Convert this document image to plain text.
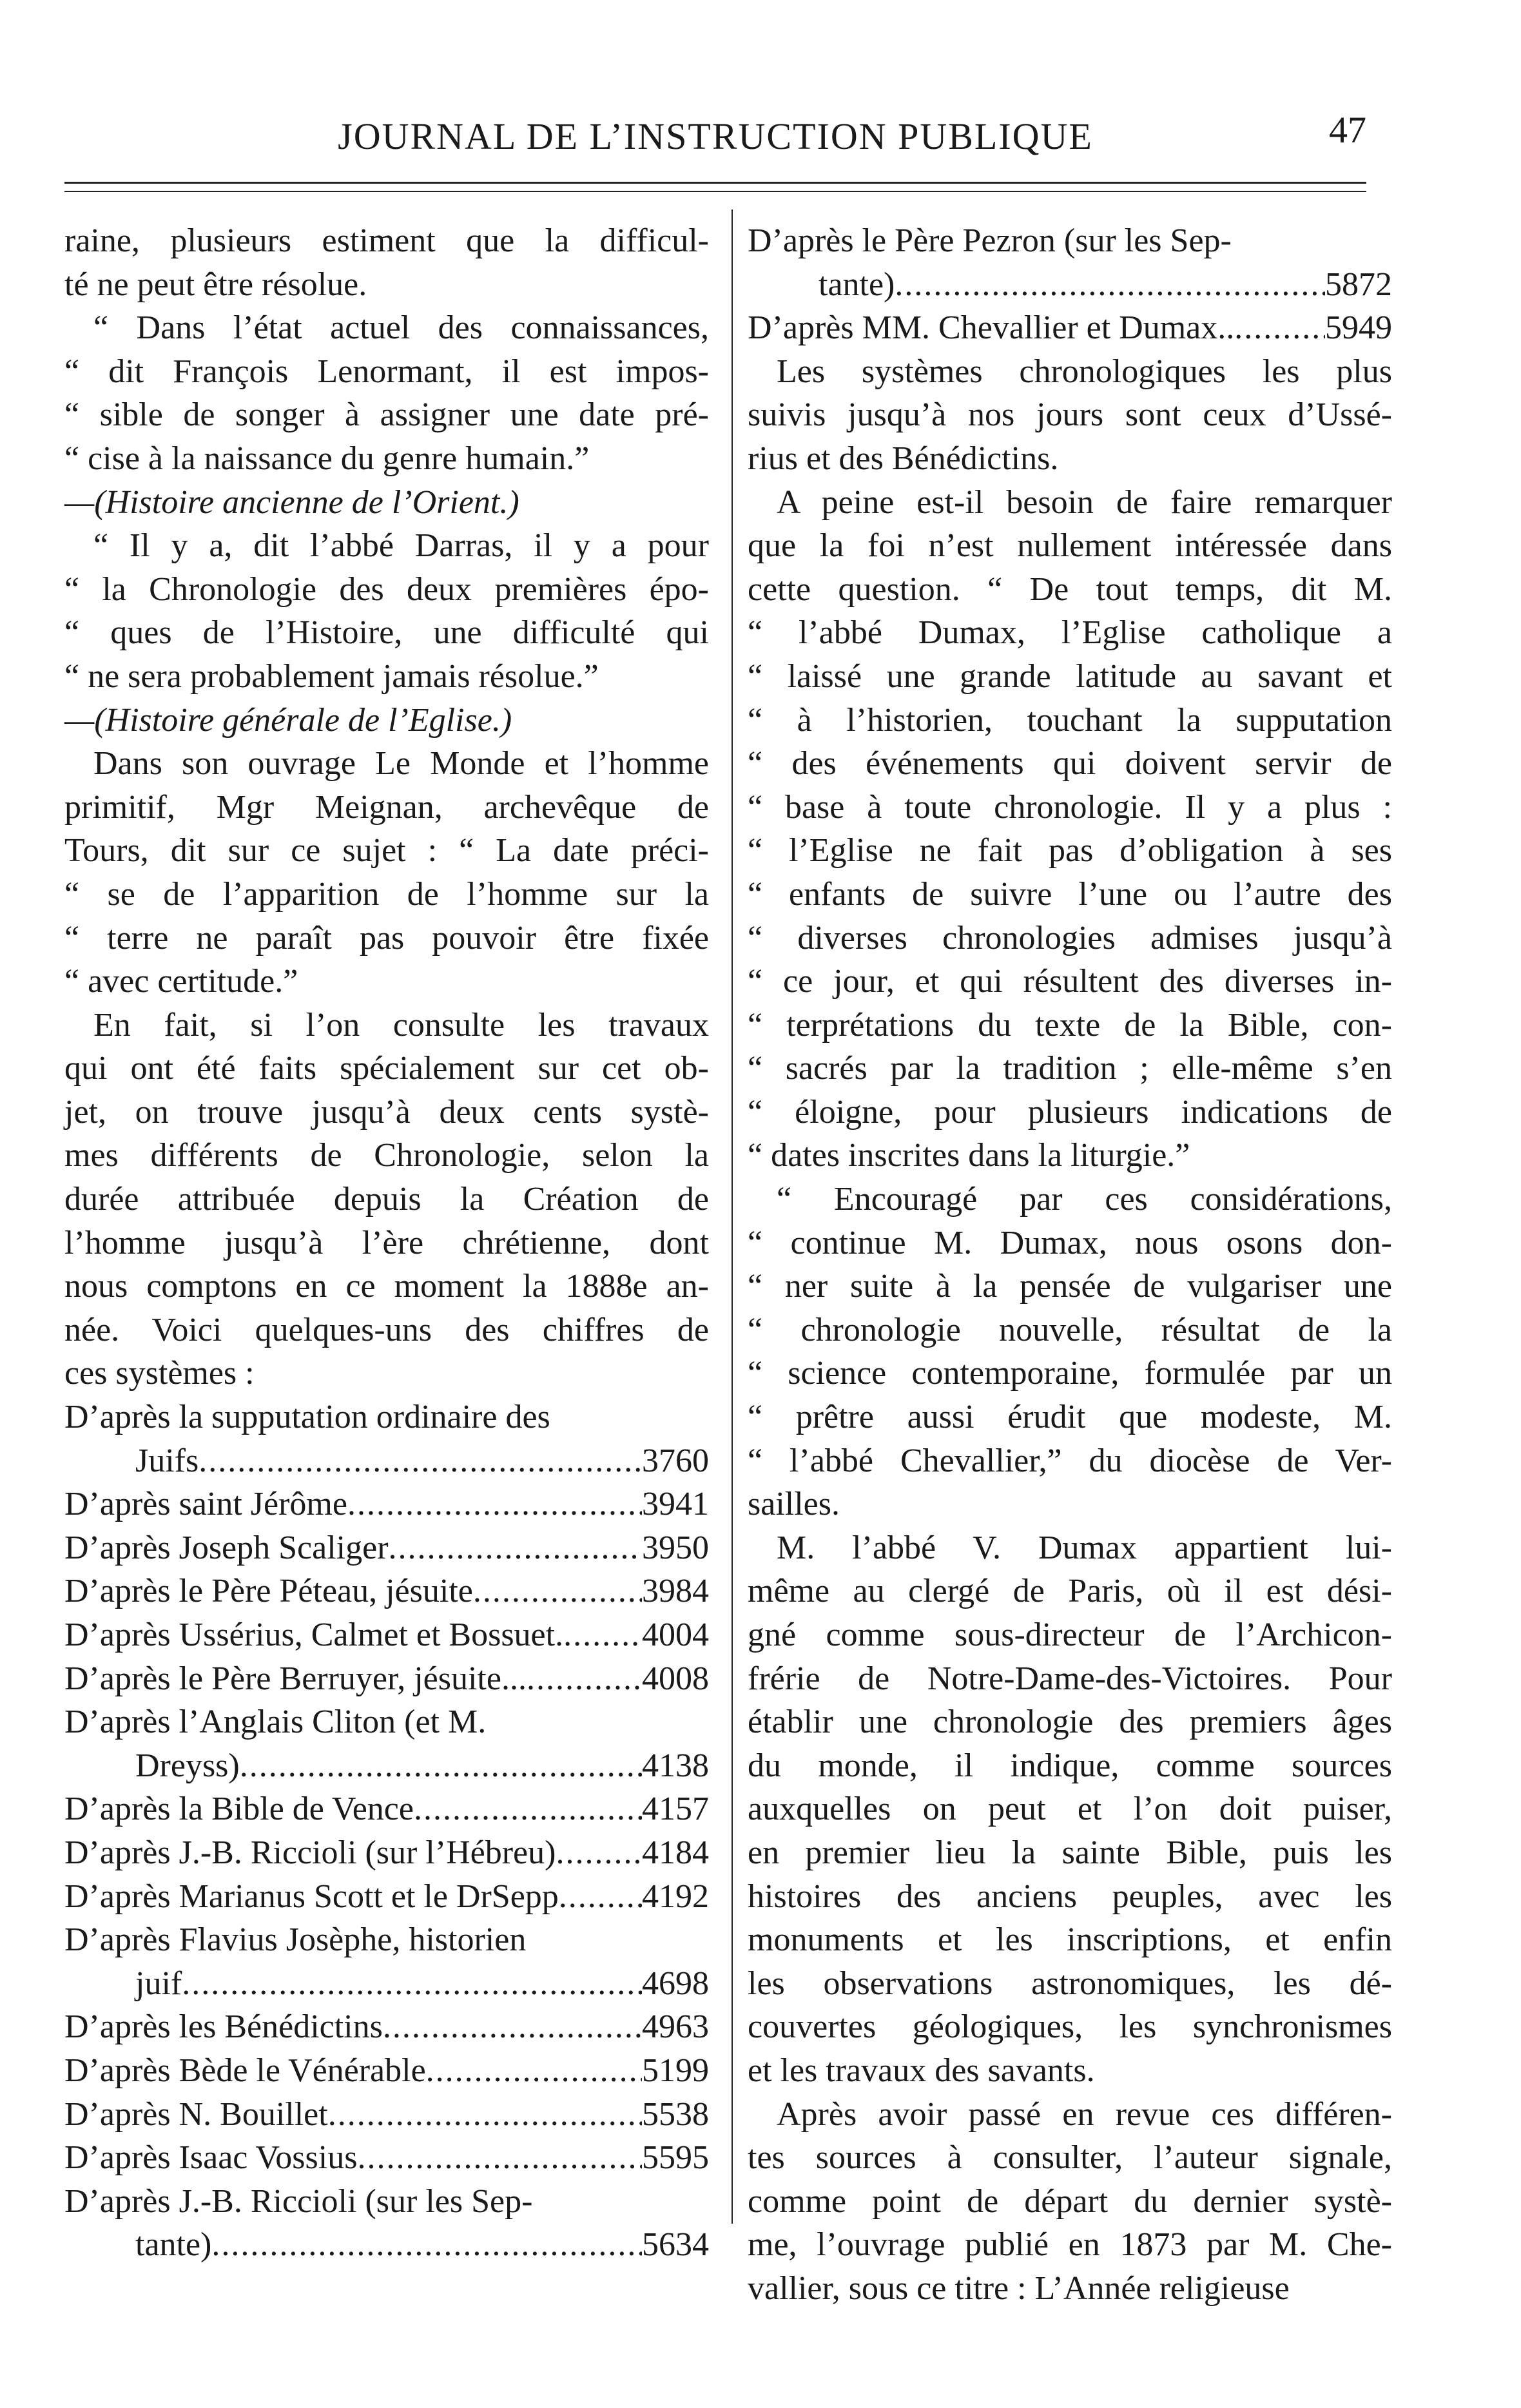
JOURNAL DE L’INSTRUCTION PUBLIQUE	47
raine, plusieurs estiment que la difficul-
té ne peut être résolue.
“ Dans l’état actuel des connaissances,
“ dit François Lenormant, il est impos-
“ sible de songer à assigner une date pré-
“ cise à la naissance du genre humain.”
—(Histoire ancienne de l’Orient.)
“ Il y a, dit l’abbé Darras, il y a pour
“ la Chronologie des deux premières épo-
“ ques de l’Histoire, une difficulté qui
“ ne sera probablement jamais résolue.”
—(Histoire générale de l’Eglise.)
Dans son ouvrage Le Monde et l’homme
primitif, Mgr Meignan, archevêque de
Tours, dit sur ce sujet : “ La date préci-
“ se de l’apparition de l’homme sur la
“ terre ne paraît pas pouvoir être fixée
“ avec certitude.”
En fait, si l’on consulte les travaux
qui ont été faits spécialement sur cet ob-
jet, on trouve jusqu’à deux cents systè-
mes différents de Chronologie, selon la
durée attribuée depuis la Création de
l’homme jusqu’à l’ère chrétienne, dont
nous comptons en ce moment la 1888e an-
née. Voici quelques-uns des chiffres de
ces systèmes :
D’après la supputation ordinaire des
Juifs .....	3760
D’après saint Jérôme .....	3941
D’après Joseph Scaliger .....	3950
D’après le Père Péteau, jésuite .....	3984
D’après Ussérius, Calmet et Bossuet. ..... 4004
D’après le Père Berruyer, jésuite... .....	4008
D’après l’Anglais Cliton (et M.
Dreyss) .....	4138
D’après la Bible de Vence .....	4157
D’après J.-B. Riccioli (sur l’Hébreu) .....	4184
D’après Marianus Scott et le DrSepp ..... 4192
D’après Flavius Josèphe, historien
juif .....	4698
D’après les Bénédictins .....	4963
D’après Bède le Vénérable .....	5199
D’après N. Bouillet .....	5538
D’après Isaac Vossius .....	5595
D’après J.-B. Riccioli (sur les Sep-
tante) .....	5634
D’après le Père Pezron (sur les Sep-
tante) .....	5872
D’après MM. Chevallier et Dumax.. .....	5949
Les systèmes chronologiques les plus
suivis jusqu’à nos jours sont ceux d’Ussé-
rius et des Bénédictins.
A peine est-il besoin de faire remarquer
que la foi n’est nullement intéressée dans
cette question. “ De tout temps, dit M.
“ l’abbé Dumax, l’Eglise catholique a
“ laissé une grande latitude au savant et
“ à l’historien, touchant la supputation
“ des événements qui doivent servir de
“ base à toute chronologie. Il y a plus :
“ l’Eglise ne fait pas d’obligation à ses
“ enfants de suivre l’une ou l’autre des
“ diverses chronologies admises jusqu’à
“ ce jour, et qui résultent des diverses in-
“ terprétations du texte de la Bible, con-
“ sacrés par la tradition ; elle-même s’en
“ éloigne, pour plusieurs indications de
“ dates inscrites dans la liturgie.”
“ Encouragé par ces considérations,
“ continue M. Dumax, nous osons don-
“ ner suite à la pensée de vulgariser une
“ chronologie nouvelle, résultat de la
“ science contemporaine, formulée par un
“ prêtre aussi érudit que modeste, M.
“ l’abbé Chevallier,” du diocèse de Ver-
sailles.
M. l’abbé V. Dumax appartient lui-
même au clergé de Paris, où il est dési-
gné comme sous-directeur de l’Archicon-
frérie de Notre-Dame-des-Victoires. Pour
établir une chronologie des premiers âges
du monde, il indique, comme sources
auxquelles on peut et l’on doit puiser,
en premier lieu la sainte Bible, puis les
histoires des anciens peuples, avec les
monuments et les inscriptions, et enfin
les observations astronomiques, les dé-
couvertes géologiques, les synchronismes
et les travaux des savants.
Après avoir passé en revue ces différen-
tes sources à consulter, l’auteur signale,
comme point de départ du dernier systè-
me, l’ouvrage publié en 1873 par M. Che-
vallier, sous ce titre : L’Année religieuse
